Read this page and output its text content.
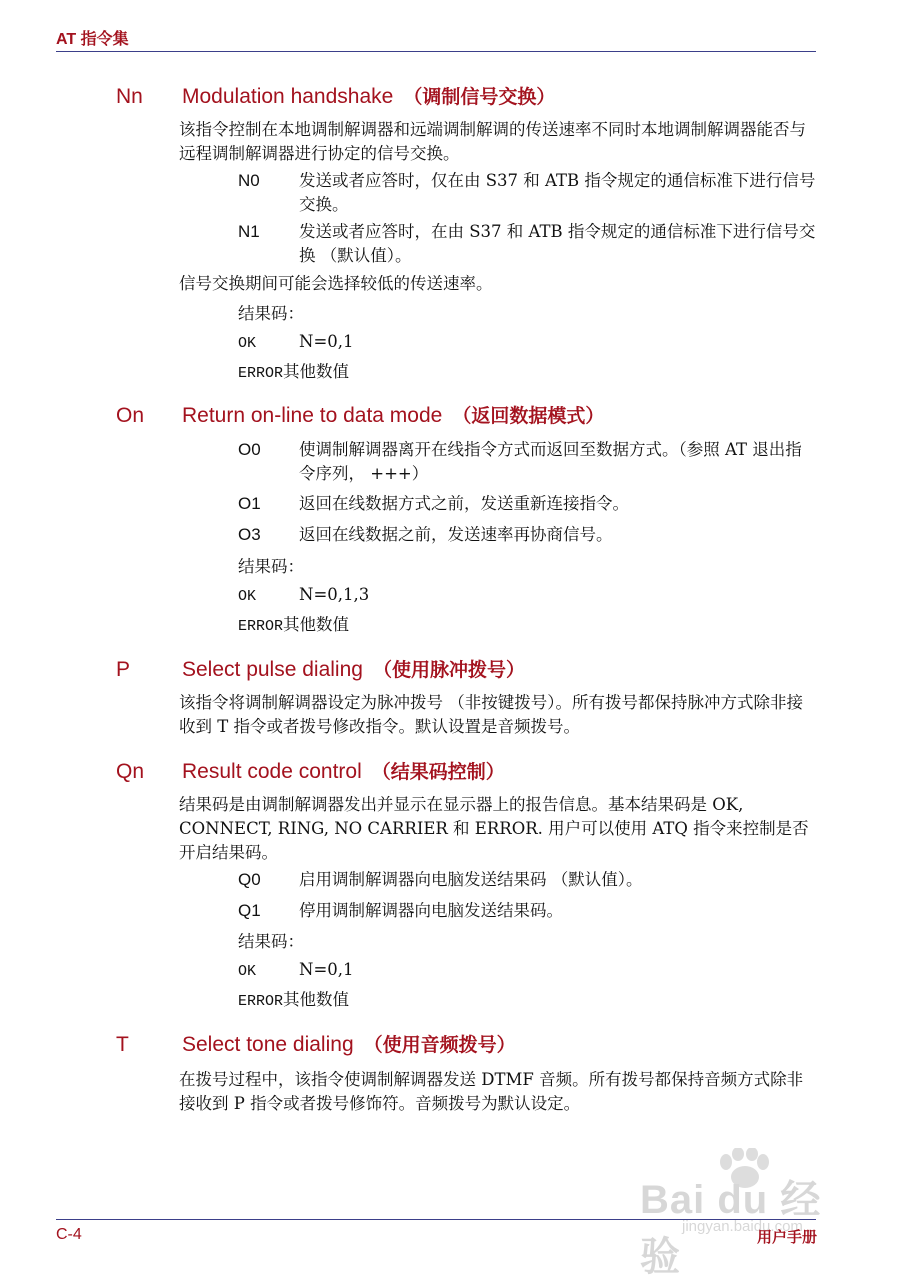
AT 指令集
Nn Modulation handshake （调制信号交换）
该指令控制在本地调制解调器和远端调制解调的传送速率不同时本地调制解调器能否与远程调制解调器进行协定的信号交换。
N0 发送或者应答时，仅在由 S37 和 ATB 指令规定的通信标准下进行信号交换。
N1 发送或者应答时，在由 S37 和 ATB 指令规定的通信标准下进行信号交换 （默认值）。
信号交换期间可能会选择较低的传送速率。
结果码：
OK	N=0,1
ERROR其他数值
On Return on-line to data mode （返回数据模式）
O0 使调制解调器离开在线指令方式而返回至数据方式。（参照 AT 退出指令序列， +++）
O1 返回在线数据方式之前，发送重新连接指令。
O3 返回在线数据之前，发送速率再协商信号。
结果码：
OK	N=0,1,3
ERROR其他数值
P Select pulse dialing （使用脉冲拨号）
该指令将调制解调器设定为脉冲拨号 （非按键拨号）。所有拨号都保持脉冲方式除非接收到 T 指令或者拨号修改指令。默认设置是音频拨号。
Qn Result code control （结果码控制）
结果码是由调制解调器发出并显示在显示器上的报告信息。基本结果码是 OK, CONNECT, RING, NO CARRIER 和 ERROR. 用户可以使用 ATQ 指令来控制是否开启结果码。
Q0 启用调制解调器向电脑发送结果码 （默认值）。
Q1 停用调制解调器向电脑发送结果码。
结果码：
OK	N=0,1
ERROR其他数值
T	Select tone dialing （使用音频拨号）
在拨号过程中，该指令使调制解调器发送 DTMF 音频。所有拨号都保持音频方式除非接收到 P 指令或者拨号修饰符。音频拨号为默认设定。
Bai du 经验
jingyan.baidu.com
C-4	用户手册
